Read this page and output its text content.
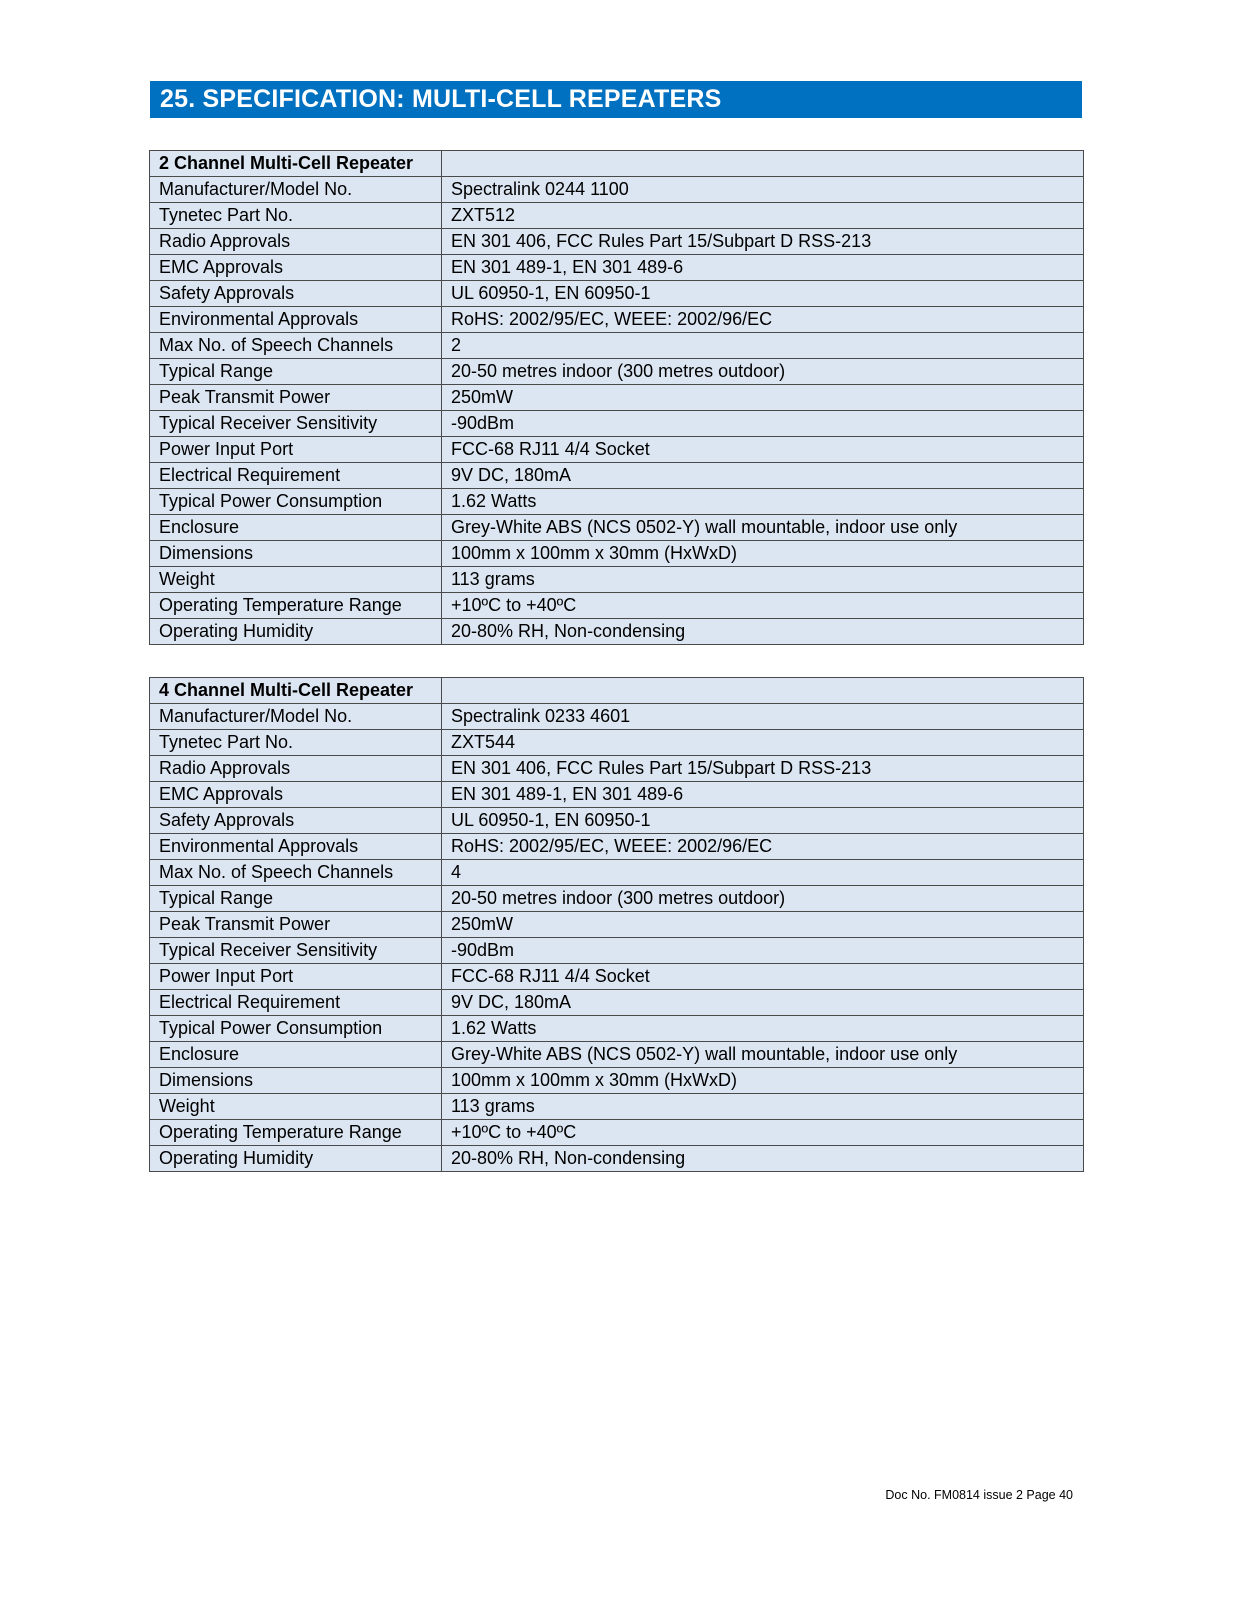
25. SPECIFICATION: MULTI-CELL REPEATERS
2 Channel Multi-Cell Repeater	
Manufacturer/Model No.	Spectralink 0244 1100
Tynetec Part No.	ZXT512
Radio Approvals	EN 301 406, FCC Rules Part 15/Subpart D RSS-213
EMC Approvals	EN 301 489-1, EN 301 489-6
Safety Approvals	UL 60950-1, EN 60950-1
Environmental Approvals	RoHS: 2002/95/EC, WEEE: 2002/96/EC
Max No. of Speech Channels	2
Typical Range	20-50 metres indoor (300 metres outdoor)
Peak Transmit Power	250mW
Typical Receiver Sensitivity	-90dBm
Power Input Port	FCC-68 RJ11 4/4 Socket
Electrical Requirement	9V DC, 180mA
Typical Power Consumption	1.62 Watts
Enclosure	Grey-White ABS (NCS 0502-Y) wall mountable, indoor use only
Dimensions	100mm x 100mm x 30mm (HxWxD)
Weight	113 grams
Operating Temperature Range	+10ºC to +40ºC
Operating Humidity	20-80% RH, Non-condensing
4 Channel Multi-Cell Repeater	
Manufacturer/Model No.	Spectralink 0233 4601
Tynetec Part No.	ZXT544
Radio Approvals	EN 301 406, FCC Rules Part 15/Subpart D RSS-213
EMC Approvals	EN 301 489-1, EN 301 489-6
Safety Approvals	UL 60950-1, EN 60950-1
Environmental Approvals	RoHS: 2002/95/EC, WEEE: 2002/96/EC
Max No. of Speech Channels	4
Typical Range	20-50 metres indoor (300 metres outdoor)
Peak Transmit Power	250mW
Typical Receiver Sensitivity	-90dBm
Power Input Port	FCC-68 RJ11 4/4 Socket
Electrical Requirement	9V DC, 180mA
Typical Power Consumption	1.62 Watts
Enclosure	Grey-White ABS (NCS 0502-Y) wall mountable, indoor use only
Dimensions	100mm x 100mm x 30mm (HxWxD)
Weight	113 grams
Operating Temperature Range	+10ºC to +40ºC
Operating Humidity	20-80% RH, Non-condensing
Doc No. FM0814 issue 2 Page 40
